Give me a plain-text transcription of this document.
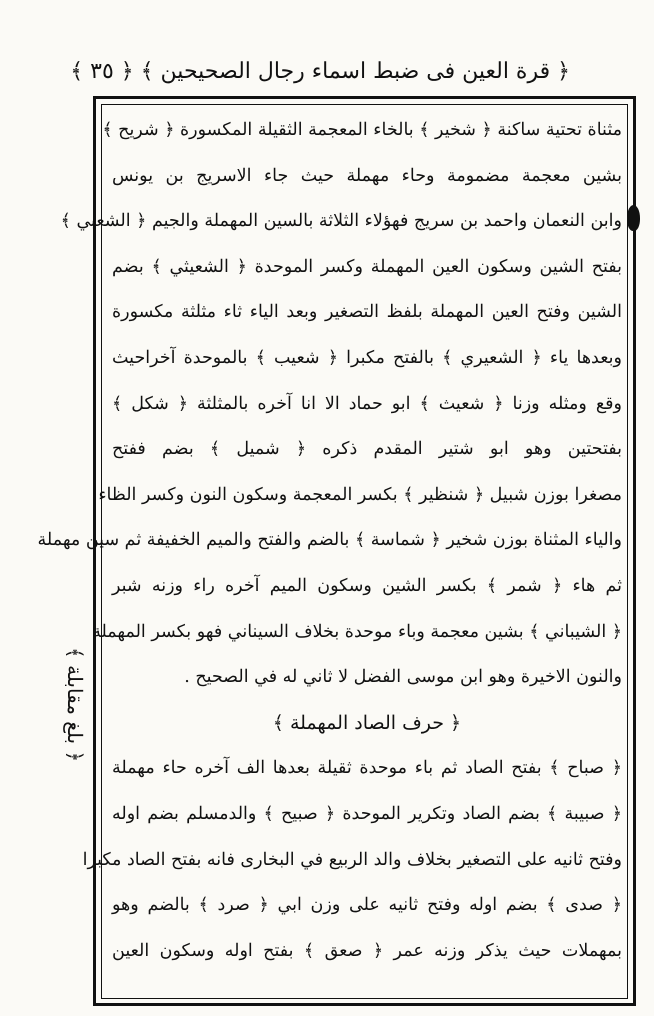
﴿ قرة العين فى ضبط اسماء رجال الصحيحين ﴾ ﴿ ٣٥ ﴾
﴿ بلغ مقابلة ﴾
مثناة تحتية ساكنة ﴿ شخير ﴾ بالخاء المعجمة الثقيلة المكسورة ﴿ شريح ﴾
بشين معجمة مضمومة وحاء مهملة حيث جاء الاسريج بن يونس
وابن النعمان واحمد بن سريج فهؤلاء الثلاثة بالسين المهملة والجيم ﴿ الشعبي ﴾
بفتح الشين وسكون العين المهملة وكسر الموحدة ﴿ الشعيثي ﴾ بضم
الشين وفتح العين المهملة بلفظ التصغير وبعد الياء ثاء مثلثة مكسورة
وبعدها ياء ﴿ الشعيري ﴾ بالفتح مكبرا ﴿ شعيب ﴾ بالموحدة آخراحيث
وقع ومثله وزنا ﴿ شعيث ﴾ ابو حماد الا انا آخره بالمثلثة ﴿ شكل ﴾
بفتحتين وهو ابو شتير المقدم ذكره ﴿ شميل ﴾ بضم ففتح
مصغرا بوزن شبيل ﴿ شنظير ﴾ بكسر المعجمة وسكون النون وكسر الظاء
والياء المثناة بوزن شخير ﴿ شماسة ﴾ بالضم والفتح والميم الخفيفة ثم سين مهملة
ثم هاء ﴿ شمر ﴾ بكسر الشين وسكون الميم آخره راء وزنه شبر
﴿ الشيباني ﴾ بشين معجمة وباء موحدة بخلاف السيناني فهو بكسر المهملة
والنون الاخيرة وهو ابن موسى الفضل لا ثاني له في الصحيح .
﴿ حرف الصاد المهملة ﴾
﴿ صباح ﴾ بفتح الصاد ثم باء موحدة ثقيلة بعدها الف آخره حاء مهملة
﴿ صبيبة ﴾ بضم الصاد وتكرير الموحدة ﴿ صبيح ﴾ والدمسلم بضم اوله
وفتح ثانيه على التصغير بخلاف والد الربيع في البخارى فانه بفتح الصاد مكبرا
﴿ صدى ﴾ بضم اوله وفتح ثانيه على وزن ابي ﴿ صرد ﴾ بالضم وهو
بمهملات حيث يذكر وزنه عمر ﴿ صعق ﴾ بفتح اوله وسكون العين
